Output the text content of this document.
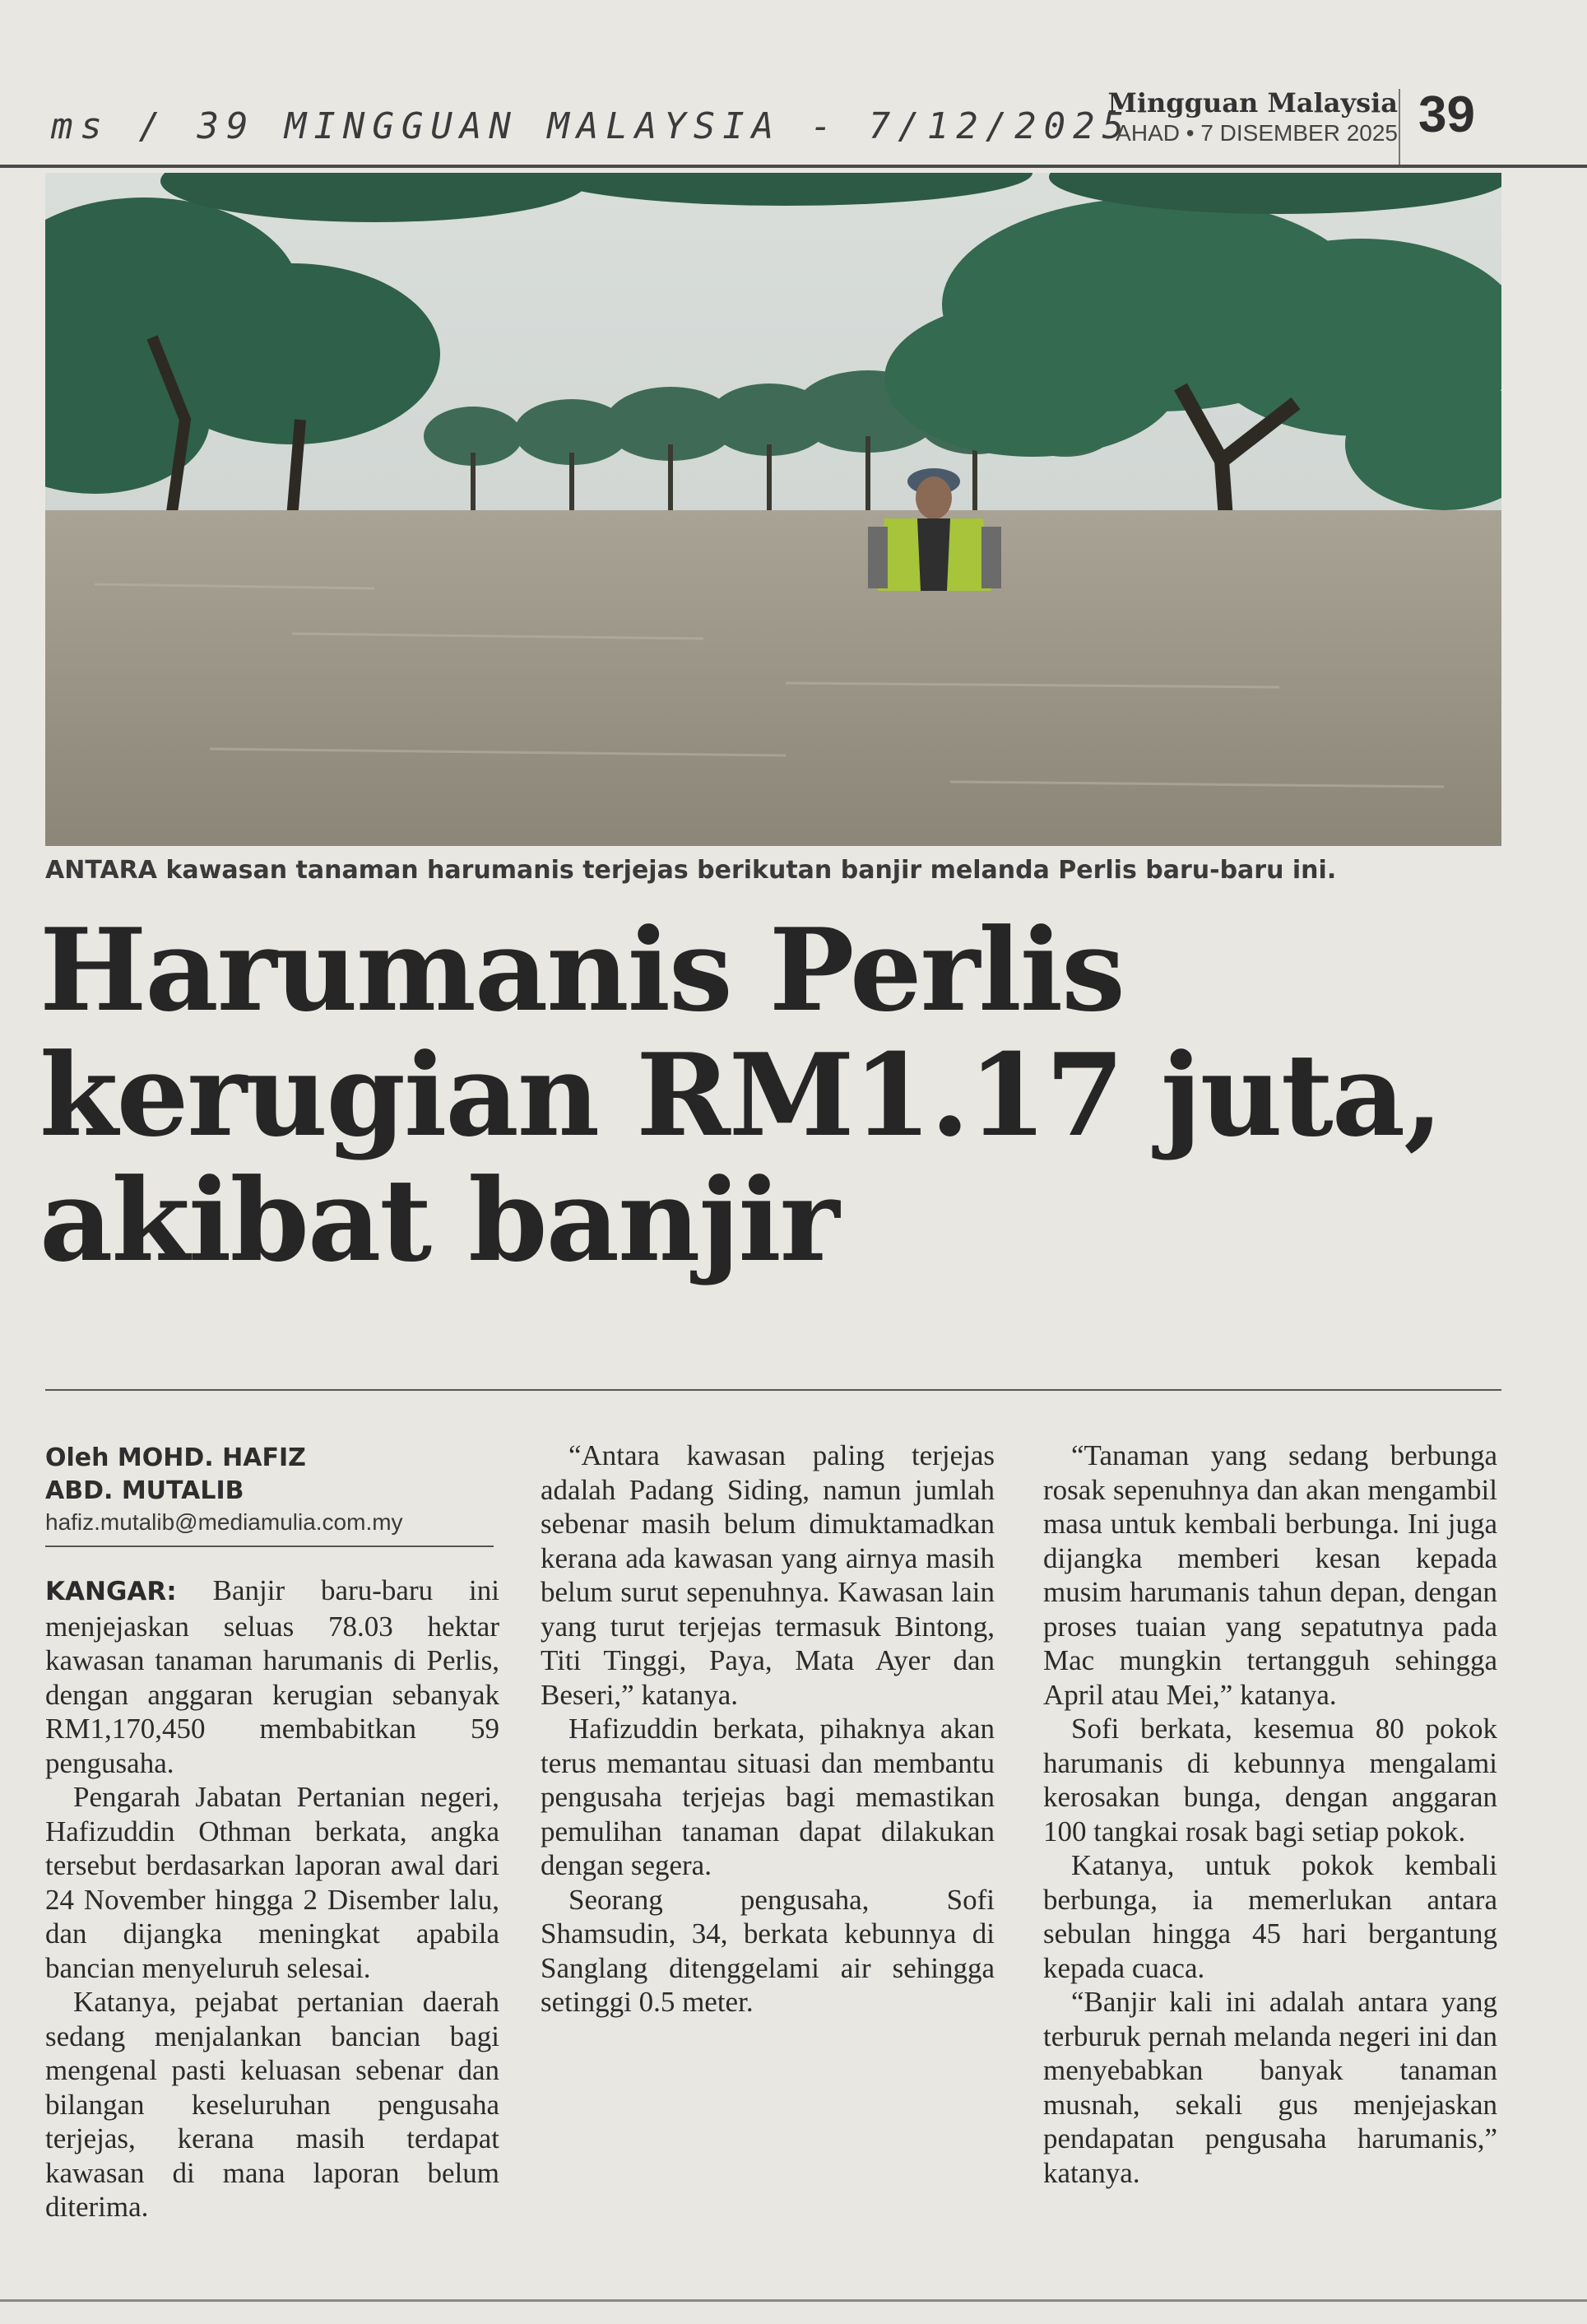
ms / 39 MINGGUAN MALAYSIA - 7/12/2025
Mingguan Malaysia
AHAD • 7 DISEMBER 2025 39
ANTARA kawasan tanaman harumanis terjejas berikutan banjir melanda Perlis baru-baru ini.
Harumanis Perlis
kerugian RM1.17 juta,
akibat banjir
Oleh MOHD. HAFIZ
ABD. MUTALIB
hafiz.mutalib@mediamulia.com.my

KANGAR: Banjir baru-baru ini menjejaskan seluas 78.03 hektar kawasan tanaman harumanis di Perlis, dengan anggaran kerugian sebanyak RM1,170,450 membabitkan 59 pengusaha.

Pengarah Jabatan Pertanian negeri, Hafizuddin Othman berkata, angka tersebut berdasarkan laporan awal dari 24 November hingga 2 Disember lalu, dan dijangka meningkat apabila bancian menyeluruh selesai.

Katanya, pejabat pertanian daerah sedang menjalankan bancian bagi mengenal pasti keluasan sebenar dan bilangan keseluruhan pengusaha terjejas, kerana masih terdapat kawasan di mana laporan belum diterima.

“Antara kawasan paling terjejas adalah Padang Siding, namun jumlah sebenar masih belum dimuktamadkan kerana ada kawasan yang airnya masih belum surut sepenuhnya. Kawasan lain yang turut terjejas termasuk Bintong, Titi Tinggi, Paya, Mata Ayer dan Beseri,” katanya.

Hafizuddin berkata, pihaknya akan terus memantau situasi dan membantu pengusaha terjejas bagi memastikan pemulihan tanaman dapat dilakukan dengan segera.

Seorang pengusaha, Sofi Shamsudin, 34, berkata kebunnya di Sanglang ditenggelami air sehingga setinggi 0.5 meter.

“Tanaman yang sedang berbunga rosak sepenuhnya dan akan mengambil masa untuk kembali berbunga. Ini juga dijangka memberi kesan kepada musim harumanis tahun depan, dengan proses tuaian yang sepatutnya pada Mac mungkin tertangguh sehingga April atau Mei,” katanya.

Sofi berkata, kesemua 80 pokok harumanis di kebunnya mengalami kerosakan bunga, dengan anggaran 100 tangkai rosak bagi setiap pokok.

Katanya, untuk pokok kembali berbunga, ia memerlukan antara sebulan hingga 45 hari bergantung kepada cuaca.

“Banjir kali ini adalah antara yang terburuk pernah melanda negeri ini dan menyebabkan banyak tanaman musnah, sekali gus menjejaskan pendapatan pengusaha harumanis,” katanya.
